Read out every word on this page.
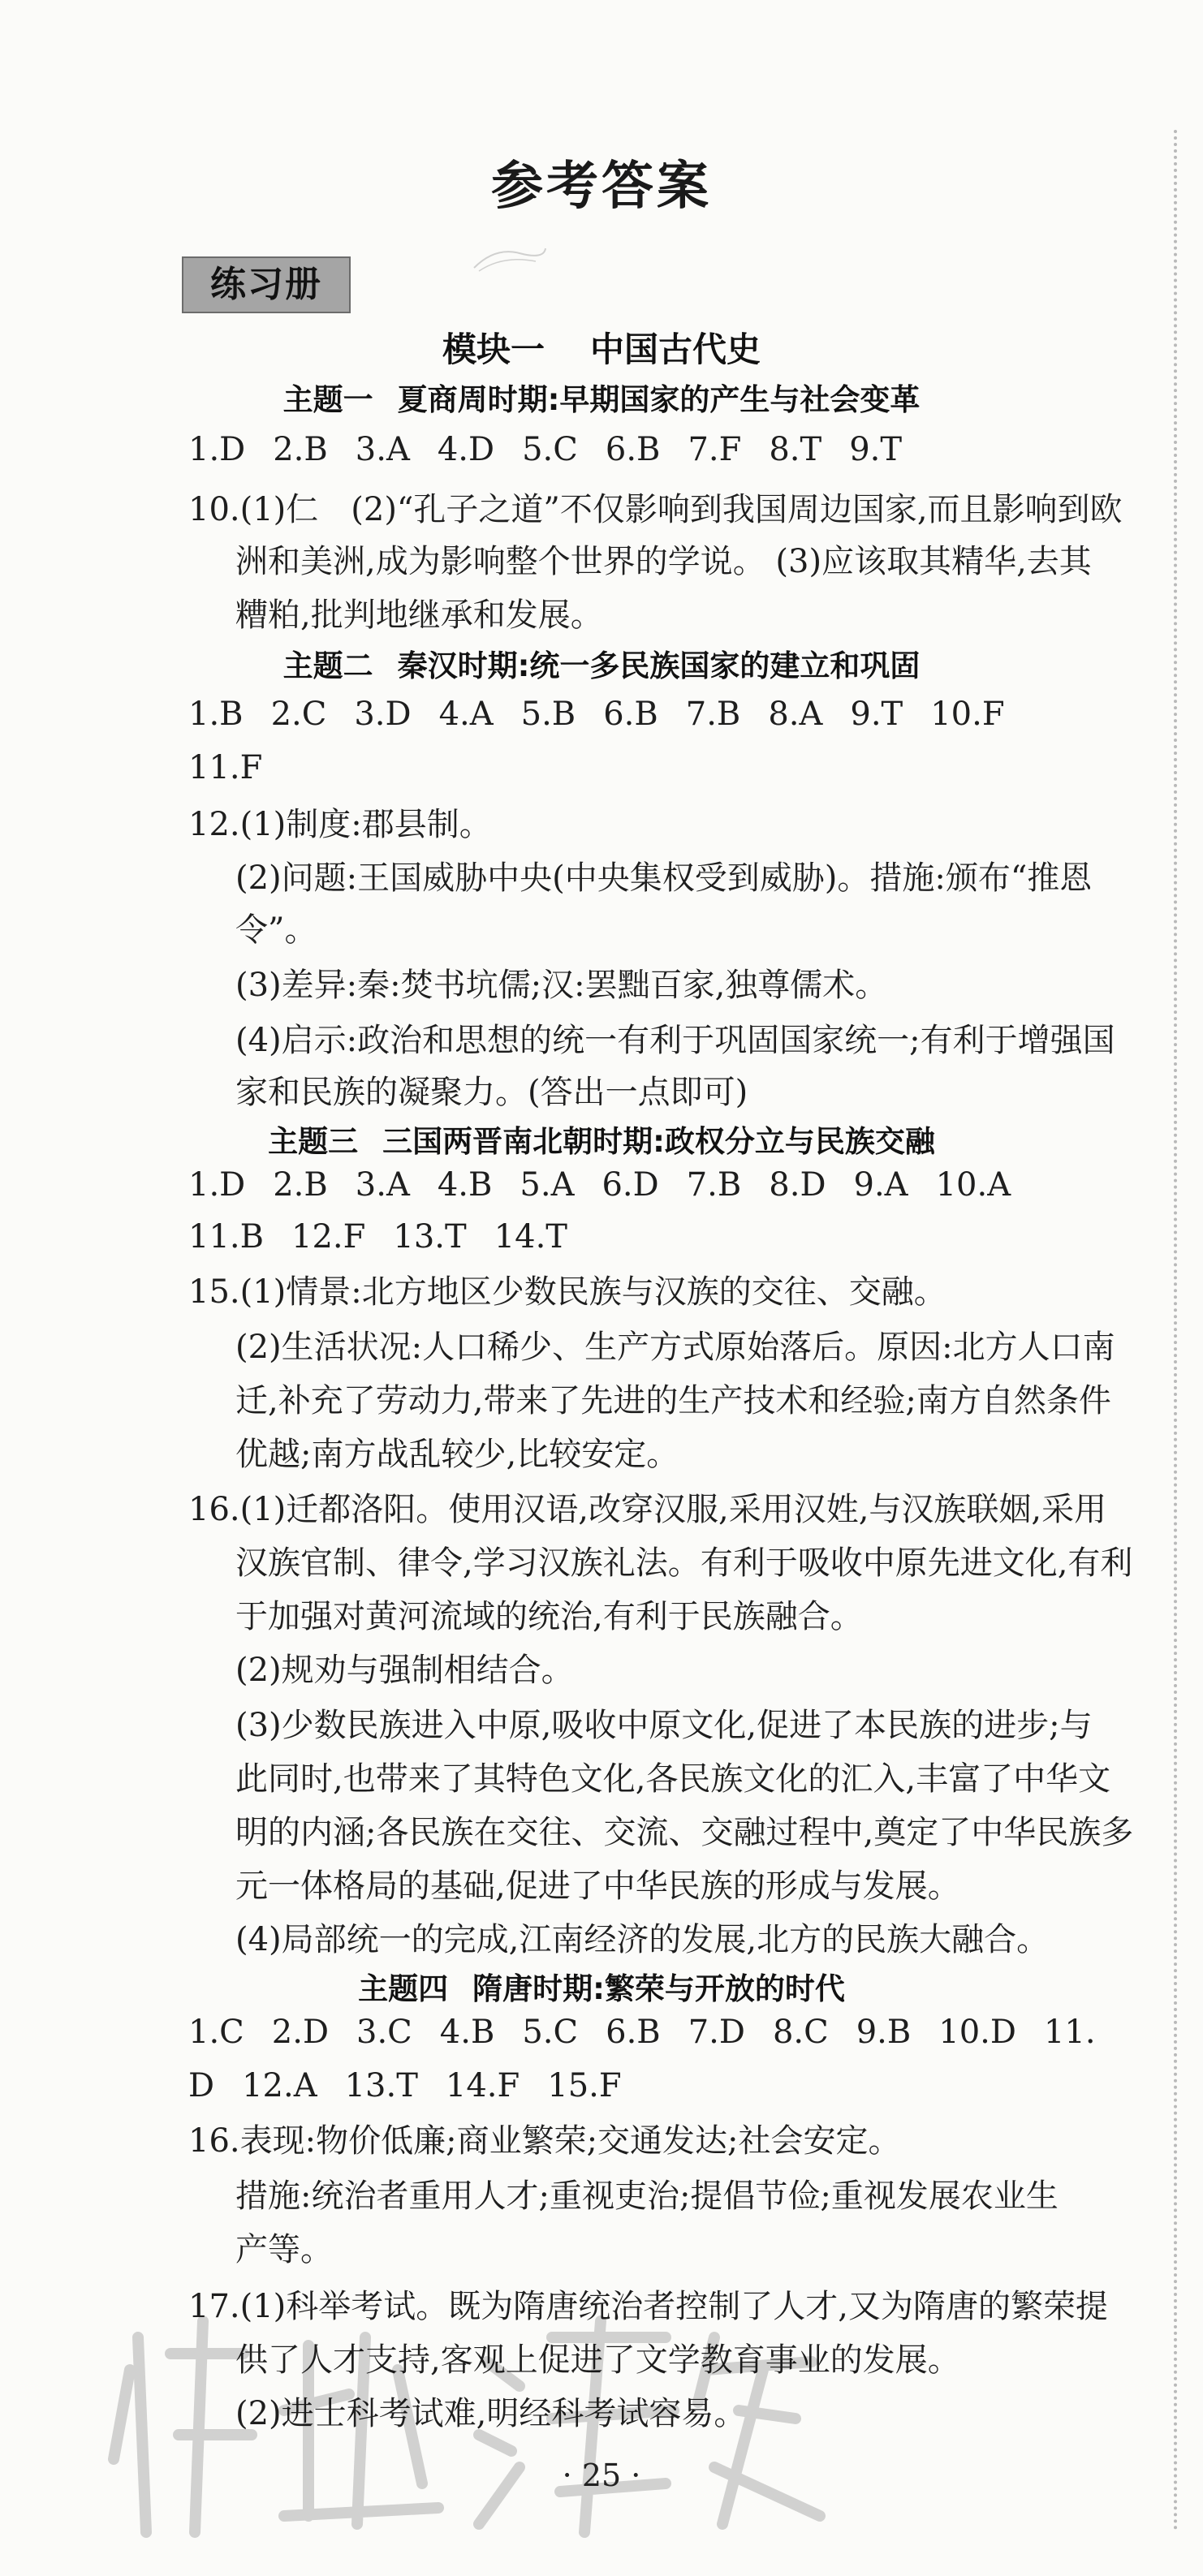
参考答案
练习册
模块一 中国古代史
主题一 夏商周时期:早期国家的产生与社会变革
1.D 2.B 3.A 4.D 5.C 6.B 7.F 8.T 9.T
10.(1)仁　(2)“孔子之道”不仅影响到我国周边国家,而且影响到欧
洲和美洲,成为影响整个世界的学说。 (3)应该取其精华,去其
糟粕,批判地继承和发展。
主题二 秦汉时期:统一多民族国家的建立和巩固
1.B 2.C 3.D 4.A 5.B 6.B 7.B 8.A 9.T 10.F
11.F
12.(1)制度:郡县制。
(2)问题:王国威胁中央(中央集权受到威胁)。措施:颁布“推恩
令”。
(3)差异:秦:焚书坑儒;汉:罢黜百家,独尊儒术。
(4)启示:政治和思想的统一有利于巩固国家统一;有利于增强国
家和民族的凝聚力。(答出一点即可)
主题三 三国两晋南北朝时期:政权分立与民族交融
1.D 2.B 3.A 4.B 5.A 6.D 7.B 8.D 9.A 10.A
11.B 12.F 13.T 14.T
15.(1)情景:北方地区少数民族与汉族的交往、交融。
(2)生活状况:人口稀少、生产方式原始落后。原因:北方人口南
迁,补充了劳动力,带来了先进的生产技术和经验;南方自然条件
优越;南方战乱较少,比较安定。
16.(1)迁都洛阳。使用汉语,改穿汉服,采用汉姓,与汉族联姻,采用
汉族官制、律令,学习汉族礼法。有利于吸收中原先进文化,有利
于加强对黄河流域的统治,有利于民族融合。
(2)规劝与强制相结合。
(3)少数民族进入中原,吸收中原文化,促进了本民族的进步;与
此同时,也带来了其特色文化,各民族文化的汇入,丰富了中华文
明的内涵;各民族在交往、交流、交融过程中,奠定了中华民族多
元一体格局的基础,促进了中华民族的形成与发展。
(4)局部统一的完成,江南经济的发展,北方的民族大融合。
主题四 隋唐时期:繁荣与开放的时代
1.C 2.D 3.C 4.B 5.C 6.B 7.D 8.C 9.B 10.D 11.
D 12.A 13.T 14.F 15.F
16.表现:物价低廉;商业繁荣;交通发达;社会安定。
措施:统治者重用人才;重视吏治;提倡节俭;重视发展农业生
产等。
17.(1)科举考试。既为隋唐统治者控制了人才,又为隋唐的繁荣提
供了人才支持,客观上促进了文学教育事业的发展。
(2)进士科考试难,明经科考试容易。
· 25 ·
